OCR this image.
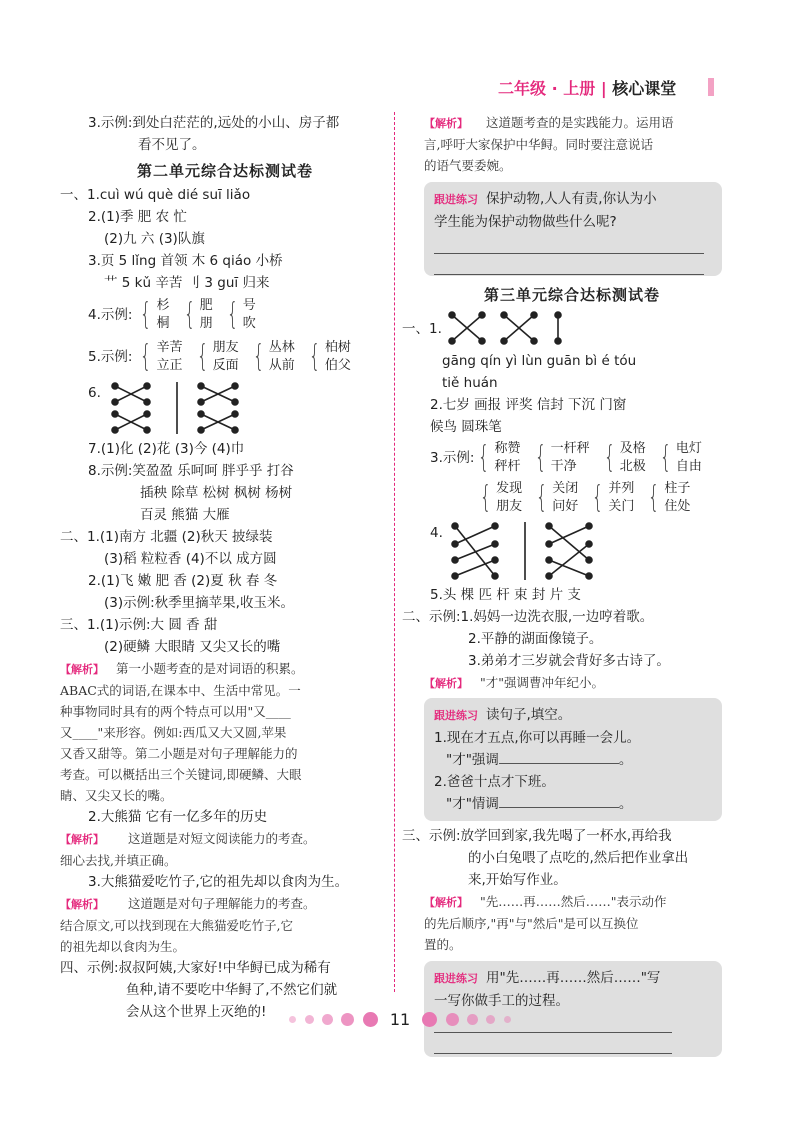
二年级 · 上册 | 核心课堂
3.示例:到处白茫茫的,远处的小山、房子都
看不见了。
第二单元综合达标测试卷
一、1.cuì wú què dié suī liǎo
2.(1)季 肥 农 忙
(2)九 六 (3)队旗
3.页 5 lǐng 首领 木 6 qiáo 小桥
艹 5 kǔ 辛苦 刂 3 guī 归来
4.示例: { 杉
桐 { 肥
朋 { 号
吹
5.示例: { 辛苦
立正 { 朋友
反面 { 丛林
从前 { 柏树
伯父
6.
7.(1)化 (2)花 (3)今 (4)巾
8.示例:笑盈盈 乐呵呵 胖乎乎 打谷
插秧 除草 松树 枫树 杨树
百灵 熊猫 大雁
二、1.(1)南方 北疆 (2)秋天 披绿装
(3)稻 粒粒香 (4)不以 成方圆
2.(1)飞 嫩 肥 香 (2)夏 秋 春 冬
(3)示例:秋季里摘苹果,收玉米。
三、1.(1)示例:大 圆 香 甜
(2)硬鳞 大眼睛 又尖又长的嘴
【解析】 第一小题考查的是对词语的积累。
ABAC式的词语,在课本中、生活中常见。一
种事物同时具有的两个特点可以用"又____
又____"来形容。例如:西瓜又大又圆,苹果
又香又甜等。第二小题是对句子理解能力的
考查。可以概括出三个关键词,即硬鳞、大眼
睛、又尖又长的嘴。
2.大熊猫 它有一亿多年的历史
【解析】 这道题是对短文阅读能力的考查。
细心去找,并填正确。
3.大熊猫爱吃竹子,它的祖先却以食肉为生。
【解析】 这道题是对句子理解能力的考查。
结合原文,可以找到现在大熊猫爱吃竹子,它
的祖先却以食肉为生。
四、示例:叔叔阿姨,大家好!中华鲟已成为稀有
鱼种,请不要吃中华鲟了,不然它们就
会从这个世界上灭绝的!
【解析】 这道题考查的是实践能力。运用语
言,呼吁大家保护中华鲟。同时要注意说话
的语气要委婉。
跟进练习 保护动物,人人有责,你认为小
学生能为保护动物做些什么呢?
第三单元综合达标测试卷
一、1.
gāng qín yì lùn guān bì é tóu
tiě huán
2.七岁 画报 评奖 信封 下沉 门窗
候鸟 圆珠笔
3.示例: { 称赞
秤杆 { 一杆秤
干净 { 及格
北极 { 电灯
自由
{ 发现
朋友 { 关闭
问好 { 并列
关门 { 柱子
住处
4.
5.头 棵 匹 杆 束 封 片 支
二、示例:1.妈妈一边洗衣服,一边哼着歌。
2.平静的湖面像镜子。
3.弟弟才三岁就会背好多古诗了。
【解析】 "才"强调曹冲年纪小。
跟进练习 读句子,填空。
1.现在才五点,你可以再睡一会儿。
"才"强调	。
2.爸爸十点才下班。
"才"情调	。
三、示例:放学回到家,我先喝了一杯水,再给我
的小白兔喂了点吃的,然后把作业拿出
来,开始写作业。
【解析】 "先……再……然后……"表示动作
的先后顺序,"再"与"然后"是可以互换位
置的。
跟进练习 用"先……再……然后……"写
一写你做手工的过程。
11
